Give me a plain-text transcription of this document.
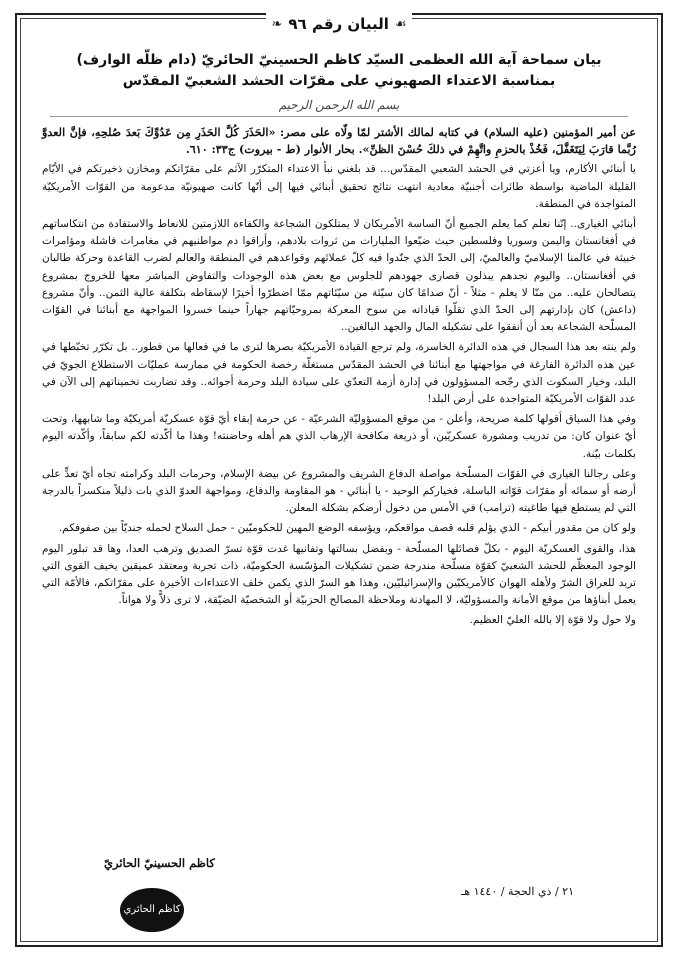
❧ البيان رقم ٩٦ ☙
بيان سماحة آية الله العظمى السيّد كاظم الحسينيّ الحائريّ (دام ظلّه الوارف)
بمناسبة الاعتداء الصهيوني على مقرّات الحشد الشعبيّ المقدّس
بسم الله الرحمن الرحيم

عن أمير المؤمنين (عليه السلام) في كتابه لمالك الأشتر لمّا ولّاه على مصر: «الحَذَرَ كُلَّ الحَذَرِ مِن عَدُوِّكَ بَعدَ صُلحِهِ، فإنَّ العدوَّ رُبَّما قارَبَ لِيَتَغَفَّلَ، فَخُذْ بالحزمِ واتَّهِمْ في ذلكَ حُسْنَ الظنِّ». بحار الأنوار (ط - بيروت) ج٣٣: ٦١٠.

يا أبنائي الأكارم، ويا أعزتي في الحشد الشعبي المقدّس... قد بلغني نبأ الاعتداء المتكرّر الآثم على مقرّاتكم ومخازن ذخيرتكم في الأيّام القليلة الماضية بواسطة طائرات أجنبيّة معادية انتهت نتائج تحقيق أبنائي فيها إلى أنّها كانت صهيونيّة مدعومة من القوّات الأمريكيّة المتواجدة في المنطقة.

أبنائي الغيارى.. إنّنا نعلم كما يعلم الجميع أنّ الساسة الأمريكان لا يمتلكون الشجاعة والكفاءة اللازمتين للانعاط والاستفادة من انتكاساتهم في أفغانستان واليمن وسوريا وفلسطين حيث ضيّعوا المليارات من ثروات بلادهم، وأراقوا دم مواطنيهم في مغامرات فاشلة ومؤامرات خبيثة في عالمنا الإسلاميّ والعالميّ، إلى الحدّ الذي جنّدوا فيه كلّ عملائهم وقواعدهم في المنطقة والعالم لضرب القاعدة وحركة طالبان في أفغانستان.. واليوم نجدهم يبذلون قصارى جهودهم للجلوس مع بعض هذه الوجودات والتفاوض المباشر معها للخروج بمشروع يتصالحان عليه.. من منّا لا يعلم - مثلاً - أنّ صدامًا كان سيّئة من سيّئاتهم ممّا اضطرّوا أخيرًا لإسقاطه بتكلفة عالية الثمن.. وأنّ مشروع (داعش) كان بإدارتهم إلى الحدّ الذي تقلّوا قياداته من سوح المعركة بمروحيّاتهم جهاراً حينما خسروا المواجهة مع أبنائنا في القوّات المسلّحة الشجاعة بعد أن أنفقوا على تشكيله المال والجهد البالغين..

ولم ينته بعد هذا السجال في هذه الدائرة الخاسرة، ولم ترجع القيادة الأمريكيّة بصرها لترى ما في فعالها من فطور.. بل تكرّر تخبّطها في عين هذه الدائرة الفارغة في مواجهتها مع أبنائنا في الحشد المقدّس مستغلّة رخصة الحكومة في ممارسة عمليّات الاستطلاع الجويّ في البلد، وخيار السكوت الذي رجّحه المسؤولون في إدارة أزمة التعدّي على سيادة البلد وحرمة أجوائه.. وقد تضاربت تخميناتهم إلى الآن في عدد القوّات الأمريكيّة المتواجدة على أرض البلد!

وفي هذا السياق أقولها كلمة صريحة، وأعلن - من موقع المسؤوليّة الشرعيّة - عن حرمة إبقاء أيّ قوّة عسكريّة أمريكيّة وما شابهها، وتحت أيّ عنوان كان: من تدريب ومشورة عسكريّين، أو ذريعة مكافحة الإرهاب الذي هم أهله وحاضنته! وهذا ما أكّدته لكم سابقاً، وأكّدته اليوم بكلمات بيّنة.

وعلى رجالنا الغيارى في القوّات المسلّحة مواصلة الدفاع الشريف والمشروع عن بيضة الإسلام، وحرمات البلد وكرامته تجاه أيّ تعدٍّ على أرضه أو سمائه أو مقرّات قوّاته الباسلة، فخياركم الوحيد - يا أبنائي - هو المقاومة والدفاع، ومواجهة العدوّ الذي بات ذليلاً منكسراً بالدرجة التي لم يستطع فيها طاغيته (ترامب) في الأمس من دخول أرضكم بشكله المعلن.

ولو كان من مقدور أبيكم - الذي يؤلم قلبه قصف مواقعكم، ويؤسفه الوضع المهين للحكوميّين - حمل السلاح لحمله جنديّاً بين صفوفكم.

هذا، والقوى العسكريّة اليوم - بكلّ فصائلها المسلّحة - وبفضل بسالتها وتفانيها غدت قوّة تسرّ الصديق وترهب العدا، وها قد تبلور اليوم الوجود المعظّم للحشد الشعبيّ كقوّة مسلّحة مندرجة ضمن تشكيلات المؤسّسة الحكوميّة، ذات تجربة ومعتقد عميقين يخيف القوى التي تريد للعراق الشرّ ولأهله الهوان كالأمريكيّين والإسرائيليّين، وهذا هو السرّ الذي يكمن خلف الاعتداءات الأخيرة على مقرّاتكم، فالأمّة التي يعمل أبناؤها من موقع الأمانة والمسؤوليّة، لا المهادنة وملاحظة المصالح الحزبيّة أو الشخصيّة الضيّقة، لا ترى ذلاًّ ولا هواناً.

ولا حول ولا قوّة إلا بالله العليّ العظيم.

٢١ / ذي الحجة / ١٤٤٠ هـ
كاظم الحسينيّ الحائريّ
كاظم الحائري
